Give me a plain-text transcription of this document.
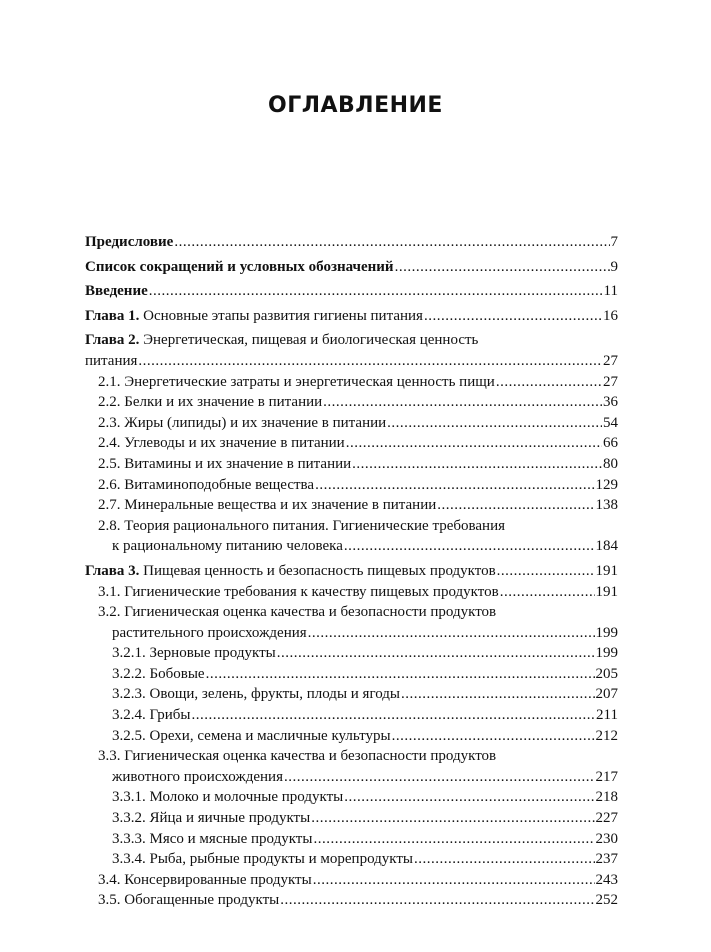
ОГЛАВЛЕНИЕ
Предисловие .....	7
Список сокращений и условных обозначений .....	9
Введение .....	11
Глава 1. Основные этапы развития гигиены питания .....	16
Глава 2. Энергетическая, пищевая и биологическая ценность
питания .....	27
2.1. Энергетические затраты и энергетическая ценность пищи .....	27
2.2. Белки и их значение в питании .....	36
2.3. Жиры (липиды) и их значение в питании .....	54
2.4. Углеводы и их значение в питании .....	66
2.5. Витамины и их значение в питании .....	80
2.6. Витаминоподобные вещества .....	129
2.7. Минеральные вещества и их значение в питании .....	138
2.8. Теория рационального питания. Гигиенические требования
к рациональному питанию человека .....	184
Глава 3. Пищевая ценность и безопасность пищевых продуктов .....	191
3.1. Гигиенические требования к качеству пищевых продуктов .....	191
3.2. Гигиеническая оценка качества и безопасности продуктов
растительного происхождения .....	199
3.2.1. Зерновые продукты .....	199
3.2.2. Бобовые .....	205
3.2.3. Овощи, зелень, фрукты, плоды и ягоды .....	207
3.2.4. Грибы .....	211
3.2.5. Орехи, семена и масличные культуры .....	212
3.3. Гигиеническая оценка качества и безопасности продуктов
животного происхождения .....	217
3.3.1. Молоко и молочные продукты .....	218
3.3.2. Яйца и яичные продукты .....	227
3.3.3. Мясо и мясные продукты .....	230
3.3.4. Рыба, рыбные продукты и морепродукты .....	237
3.4. Консервированные продукты .....	243
3.5. Обогащенные продукты .....	252
